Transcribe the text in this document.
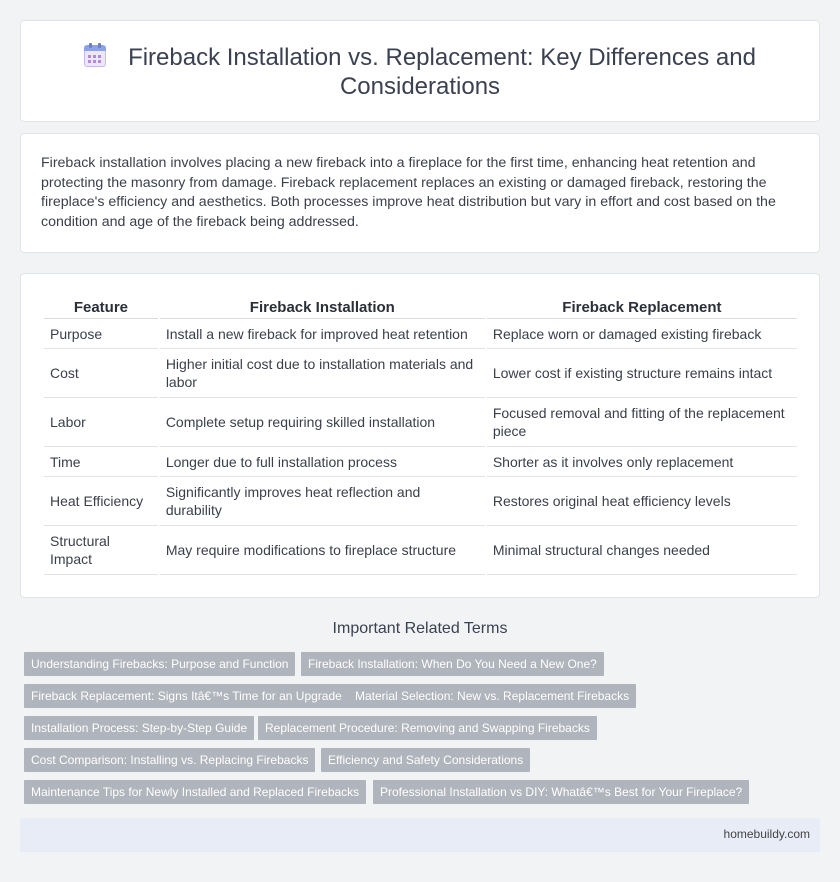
Fireback Installation vs. Replacement: Key Differences and Considerations

Fireback installation involves placing a new fireback into a fireplace for the first time, enhancing heat retention and protecting the masonry from damage. Fireback replacement replaces an existing or damaged fireback, restoring the fireplace's efficiency and aesthetics. Both processes improve heat distribution but vary in effort and cost based on the condition and age of the fireback being addressed.

Feature	Fireback Installation	Fireback Replacement
Purpose	Install a new fireback for improved heat retention	Replace worn or damaged existing fireback
Cost	Higher initial cost due to installation materials and labor	Lower cost if existing structure remains intact
Labor	Complete setup requiring skilled installation	Focused removal and fitting of the replacement piece
Time	Longer due to full installation process	Shorter as it involves only replacement
Heat Efficiency	Significantly improves heat reflection and durability	Restores original heat efficiency levels
Structural Impact	May require modifications to fireplace structure	Minimal structural changes needed
Important Related Terms
Understanding Firebacks: Purpose and Function	Fireback Installation: When Do You Need a New One?
Fireback Replacement: Signs Itâ€™s Time for an Upgrade	Material Selection: New vs. Replacement Firebacks
Installation Process: Step-by-Step Guide	Replacement Procedure: Removing and Swapping Firebacks
Cost Comparison: Installing vs. Replacing Firebacks	Efficiency and Safety Considerations
Maintenance Tips for Newly Installed and Replaced Firebacks	Professional Installation vs DIY: Whatâ€™s Best for Your Fireplace?
homebuildy.com
